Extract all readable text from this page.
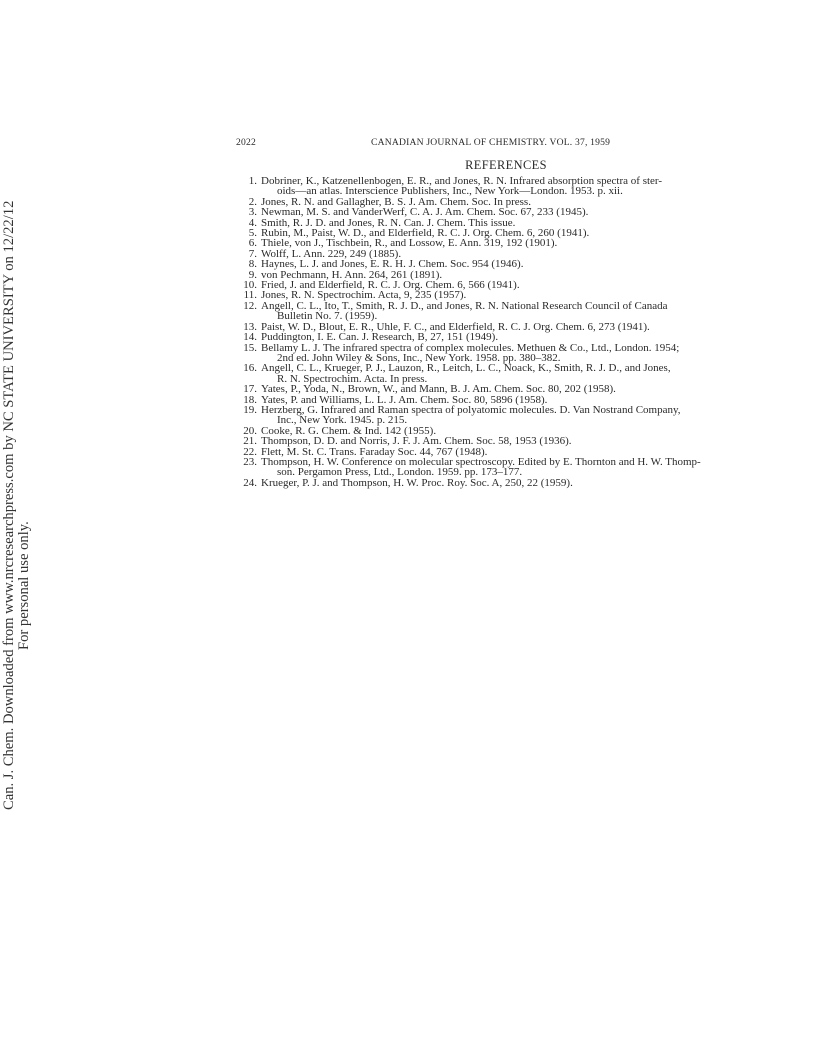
Can. J. Chem. Downloaded from www.nrcresearchpress.com by NC STATE UNIVERSITY on 12/22/12 For personal use only.
2022	CANADIAN JOURNAL OF CHEMISTRY. VOL. 37, 1959
REFERENCES
1. Dobriner, K., Katzenellenbogen, E. R., and Jones, R. N. Infrared absorption spectra of ster-
oids—an atlas. Interscience Publishers, Inc., New York—London. 1953. p. xii.
2. Jones, R. N. and Gallagher, B. S. J. Am. Chem. Soc. In press.
3. Newman, M. S. and VanderWerf, C. A. J. Am. Chem. Soc. 67, 233 (1945).
4. Smith, R. J. D. and Jones, R. N. Can. J. Chem. This issue.
5. Rubin, M., Paist, W. D., and Elderfield, R. C. J. Org. Chem. 6, 260 (1941).
6. Thiele, von J., Tischbein, R., and Lossow, E. Ann. 319, 192 (1901).
7. Wolff, L. Ann. 229, 249 (1885).
8. Haynes, L. J. and Jones, E. R. H. J. Chem. Soc. 954 (1946).
9. von Pechmann, H. Ann. 264, 261 (1891).
10. Fried, J. and Elderfield, R. C. J. Org. Chem. 6, 566 (1941).
11. Jones, R. N. Spectrochim. Acta, 9, 235 (1957).
12. Angell, C. L., Ito, T., Smith, R. J. D., and Jones, R. N. National Research Council of Canada
Bulletin No. 7. (1959).
13. Paist, W. D., Blout, E. R., Uhle, F. C., and Elderfield, R. C. J. Org. Chem. 6, 273 (1941).
14. Puddington, I. E. Can. J. Research, B, 27, 151 (1949).
15. Bellamy L. J. The infrared spectra of complex molecules. Methuen & Co., Ltd., London. 1954;
2nd ed. John Wiley & Sons, Inc., New York. 1958. pp. 380–382.
16. Angell, C. L., Krueger, P. J., Lauzon, R., Leitch, L. C., Noack, K., Smith, R. J. D., and Jones,
R. N. Spectrochim. Acta. In press.
17. Yates, P., Yoda, N., Brown, W., and Mann, B. J. Am. Chem. Soc. 80, 202 (1958).
18. Yates, P. and Williams, L. L. J. Am. Chem. Soc. 80, 5896 (1958).
19. Herzberg, G. Infrared and Raman spectra of polyatomic molecules. D. Van Nostrand Company,
Inc., New York. 1945. p. 215.
20. Cooke, R. G. Chem. & Ind. 142 (1955).
21. Thompson, D. D. and Norris, J. F. J. Am. Chem. Soc. 58, 1953 (1936).
22. Flett, M. St. C. Trans. Faraday Soc. 44, 767 (1948).
23. Thompson, H. W. Conference on molecular spectroscopy. Edited by E. Thornton and H. W. Thomp-
son. Pergamon Press, Ltd., London. 1959. pp. 173–177.
24. Krueger, P. J. and Thompson, H. W. Proc. Roy. Soc. A, 250, 22 (1959).
